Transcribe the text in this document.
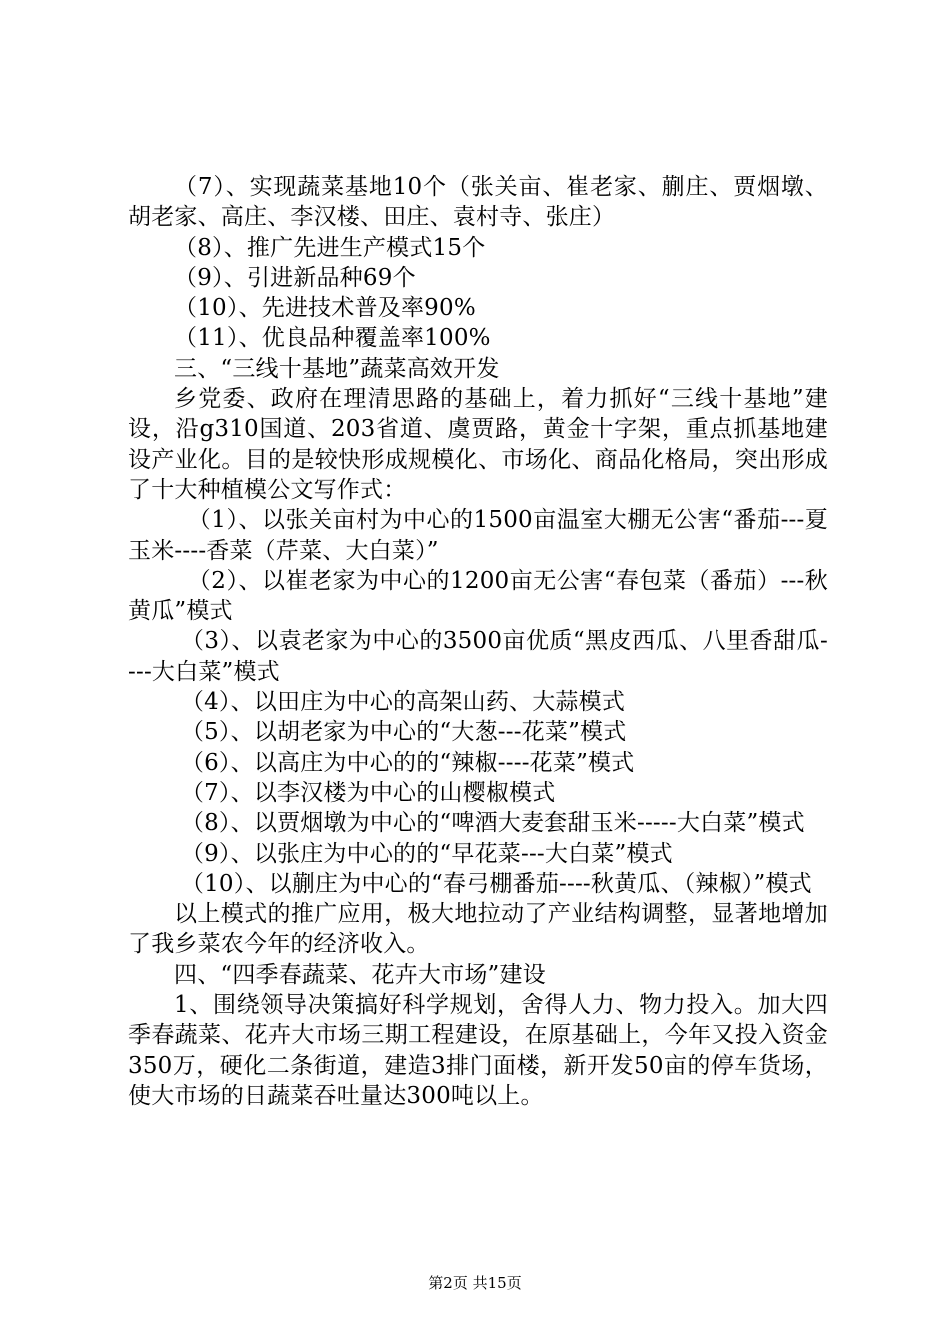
（7）、实现蔬菜基地10个（张关亩、崔老家、蒯庄、贾烟墩、胡老家、高庄、李汉楼、田庄、袁村寺、张庄）

（8）、推广先进生产模式15个

（9）、引进新品种69个

（10）、先进技术普及率90%

（11）、优良品种覆盖率100%

三、“三线十基地”蔬菜高效开发

乡党委、政府在理清思路的基础上，着力抓好“三线十基地”建设，沿g310国道、203省道、虞贾路，黄金十字架，重点抓基地建设产业化。目的是较快形成规模化、市场化、商品化格局，突出形成了十大种植模公文写作式：

（1）、以张关亩村为中心的1500亩温室大棚无公害“番茄---夏玉米----香菜（芹菜、大白菜）”

（2）、以崔老家为中心的1200亩无公害“春包菜（番茄）---秋黄瓜”模式

（3）、以袁老家为中心的3500亩优质“黑皮西瓜、八里香甜瓜----大白菜”模式

（4）、以田庄为中心的高架山药、大蒜模式

（5）、以胡老家为中心的“大葱---花菜”模式

（6）、以高庄为中心的的“辣椒----花菜”模式

（7）、以李汉楼为中心的山樱椒模式

（8）、以贾烟墩为中心的“啤酒大麦套甜玉米-----大白菜”模式

（9）、以张庄为中心的的“早花菜---大白菜”模式

（10）、以蒯庄为中心的“春弓棚番茄----秋黄瓜、（辣椒）”模式

以上模式的推广应用，极大地拉动了产业结构调整，显著地增加了我乡菜农今年的经济收入。

四、“四季春蔬菜、花卉大市场”建设

1、围绕领导决策搞好科学规划，舍得人力、物力投入。加大四季春蔬菜、花卉大市场三期工程建设，在原基础上，今年又投入资金350万，硬化二条街道，建造3排门面楼，新开发50亩的停车货场，使大市场的日蔬菜吞吐量达300吨以上。

第2页 共15页
